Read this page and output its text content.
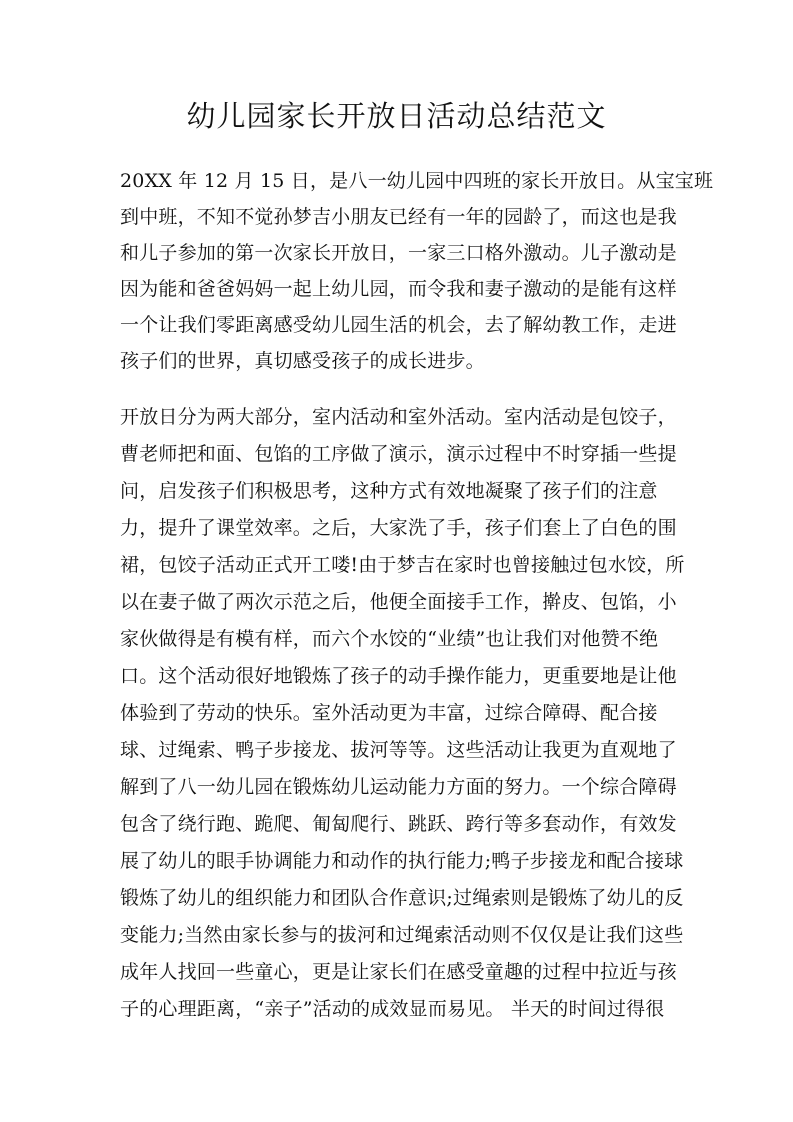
幼儿园家长开放日活动总结范文

20XX 年 12 月 15 日，是八一幼儿园中四班的家长开放日。从宝宝班

到中班，不知不觉孙梦吉小朋友已经有一年的园龄了，而这也是我

和儿子参加的第一次家长开放日，一家三口格外激动。儿子激动是

因为能和爸爸妈妈一起上幼儿园，而令我和妻子激动的是能有这样

一个让我们零距离感受幼儿园生活的机会，去了解幼教工作，走进

孩子们的世界，真切感受孩子的成长进步。

开放日分为两大部分，室内活动和室外活动。室内活动是包饺子，

曹老师把和面、包馅的工序做了演示，演示过程中不时穿插一些提

问，启发孩子们积极思考，这种方式有效地凝聚了孩子们的注意

力，提升了课堂效率。之后，大家洗了手，孩子们套上了白色的围

裙，包饺子活动正式开工喽!由于梦吉在家时也曾接触过包水饺，所

以在妻子做了两次示范之后，他便全面接手工作，擀皮、包馅，小

家伙做得是有模有样，而六个水饺的“业绩”也让我们对他赞不绝

口。这个活动很好地锻炼了孩子的动手操作能力，更重要地是让他

体验到了劳动的快乐。室外活动更为丰富，过综合障碍、配合接

球、过绳索、鸭子步接龙、拔河等等。这些活动让我更为直观地了

解到了八一幼儿园在锻炼幼儿运动能力方面的努力。一个综合障碍

包含了绕行跑、跪爬、匍匐爬行、跳跃、跨行等多套动作，有效发

展了幼儿的眼手协调能力和动作的执行能力;鸭子步接龙和配合接球

锻炼了幼儿的组织能力和团队合作意识;过绳索则是锻炼了幼儿的反

变能力;当然由家长参与的拔河和过绳索活动则不仅仅是让我们这些

成年人找回一些童心，更是让家长们在感受童趣的过程中拉近与孩

子的心理距离，“亲子”活动的成效显而易见。 半天的时间过得很
